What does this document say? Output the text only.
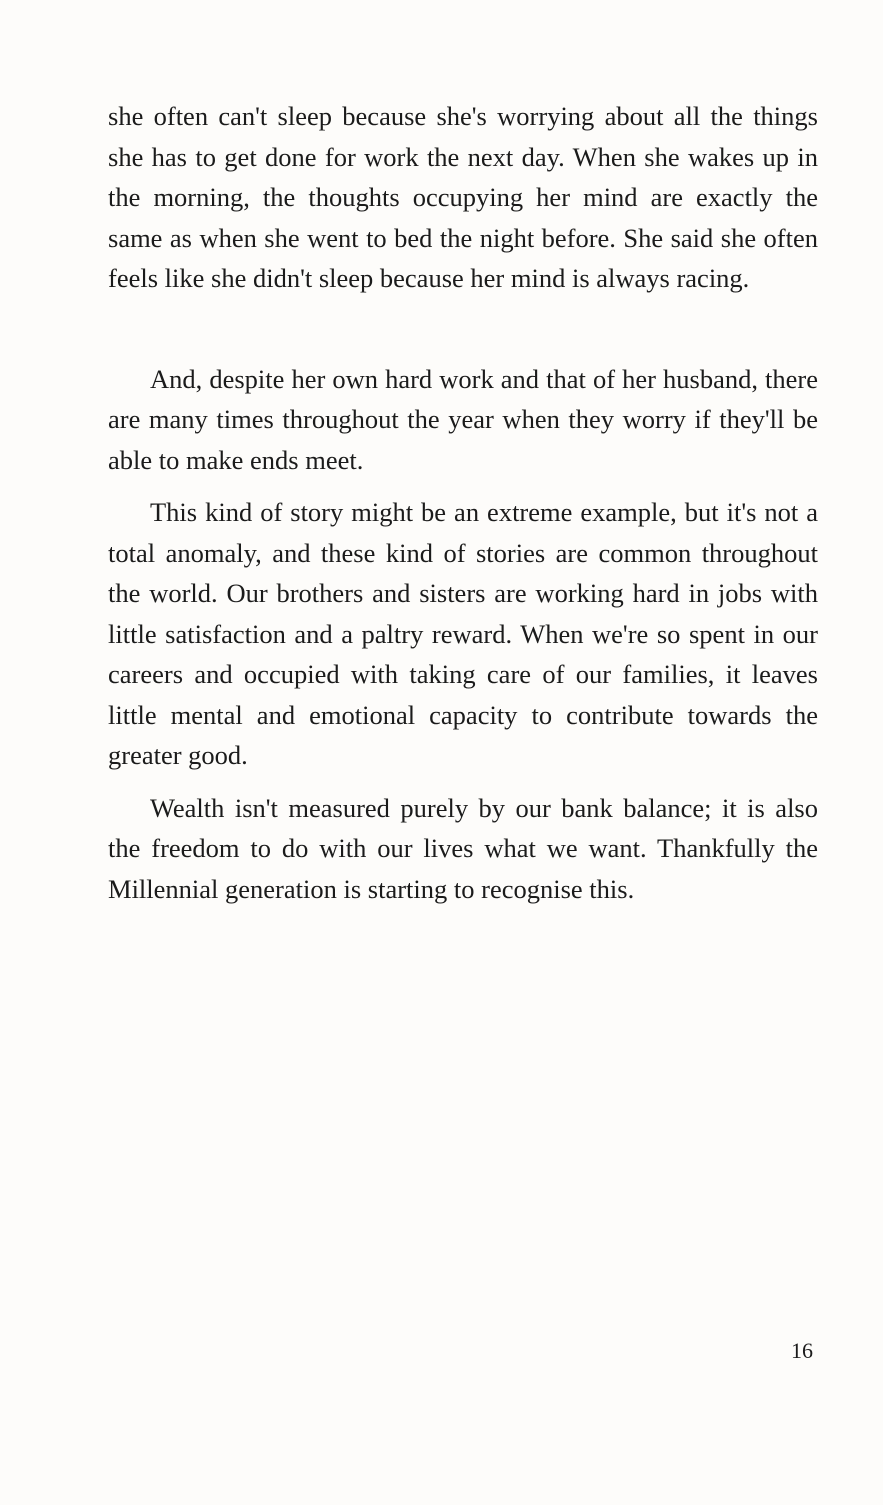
she often can't sleep because she's worrying about all the things she has to get done for work the next day. When she wakes up in the morning, the thoughts occupying her mind are exactly the same as when she went to bed the night before. She said she often feels like she didn't sleep because her mind is always racing.

And, despite her own hard work and that of her husband, there are many times throughout the year when they worry if they'll be able to make ends meet.

This kind of story might be an extreme example, but it's not a total anomaly, and these kind of stories are common throughout the world. Our brothers and sisters are working hard in jobs with little satisfaction and a paltry reward. When we're so spent in our careers and occupied with taking care of our families, it leaves little mental and emotional capacity to contribute towards the greater good.

Wealth isn't measured purely by our bank balance; it is also the freedom to do with our lives what we want. Thankfully the Millennial generation is starting to recognise this.

16
